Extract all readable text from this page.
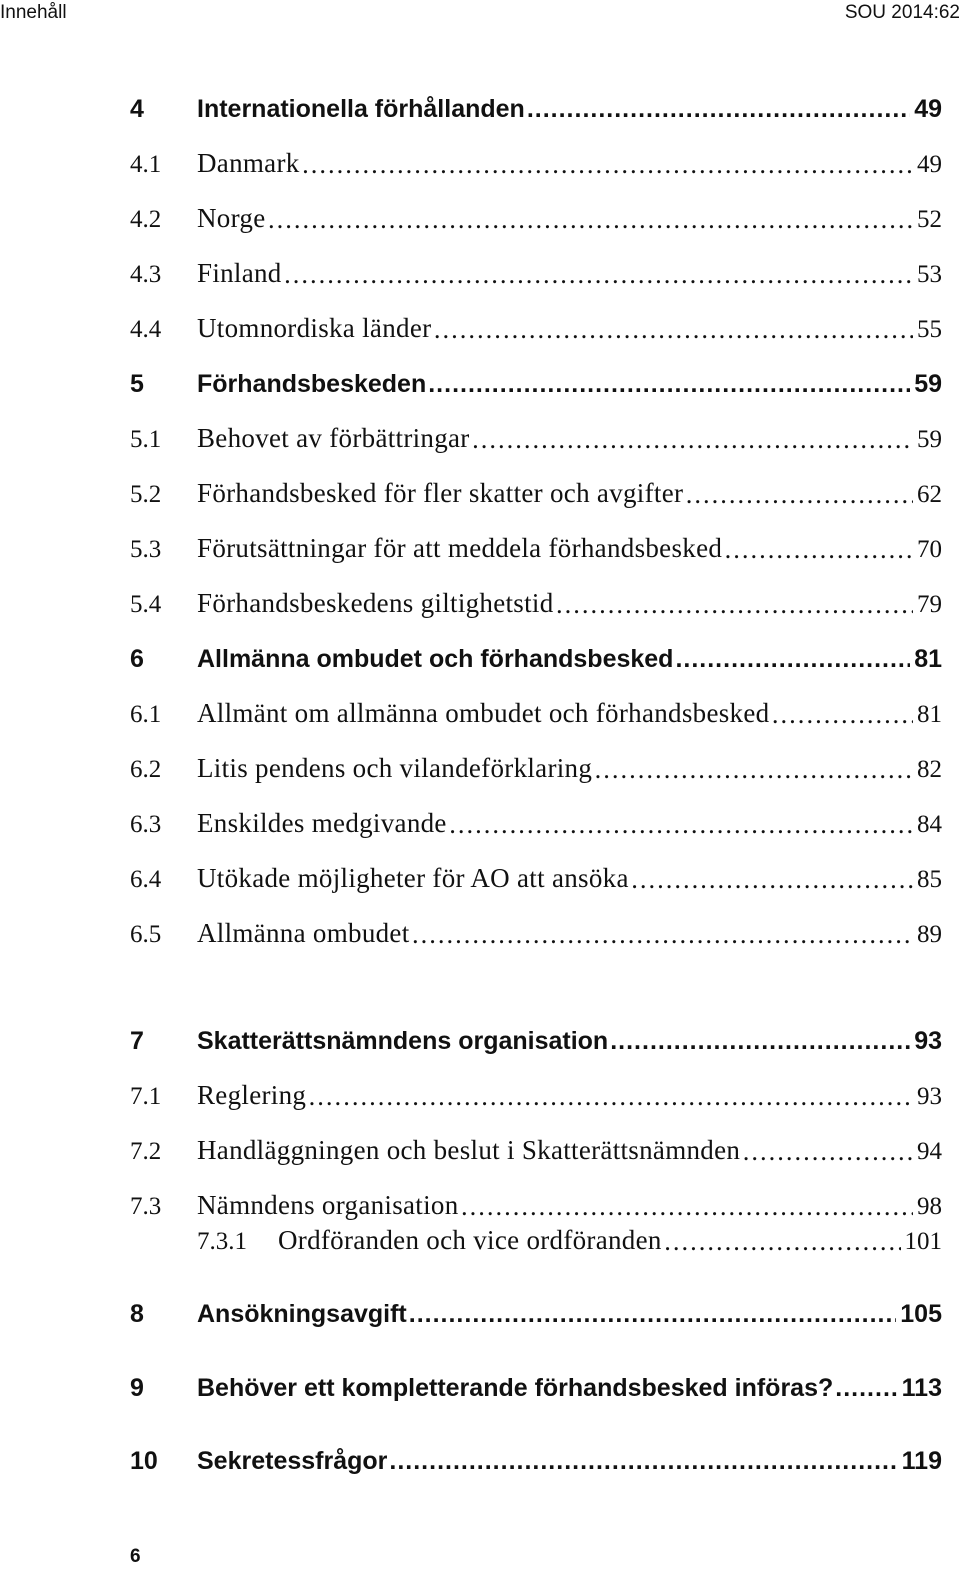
Innehåll	SOU 2014:62
4	Internationella förhållanden .....	49
4.1	Danmark .....	49
4.2	Norge .....	52
4.3	Finland .....	53
4.4	Utomnordiska länder .....	55
5	Förhandsbeskeden .....	59
5.1	Behovet av förbättringar .....	59
5.2	Förhandsbesked för fler skatter och avgifter .....	62
5.3	Förutsättningar för att meddela förhandsbesked .....	70
5.4	Förhandsbeskedens giltighetstid .....	79
6	Allmänna ombudet och förhandsbesked .....	81
6.1	Allmänt om allmänna ombudet och förhandsbesked .....	81
6.2	Litis pendens och vilandeförklaring .....	82
6.3	Enskildes medgivande .....	84
6.4	Utökade möjligheter för AO att ansöka .....	85
6.5	Allmänna ombudet .....	89
7	Skatterättsnämndens organisation .....	93
7.1	Reglering .....	93
7.2	Handläggningen och beslut i Skatterättsnämnden .....	94
7.3	Nämndens organisation .....	98
7.3.1	Ordföranden och vice ordföranden .....	101
8	Ansökningsavgift .....	105
9	Behöver ett kompletterande förhandsbesked införas? .....	113
10	Sekretessfrågor .....	119
6
